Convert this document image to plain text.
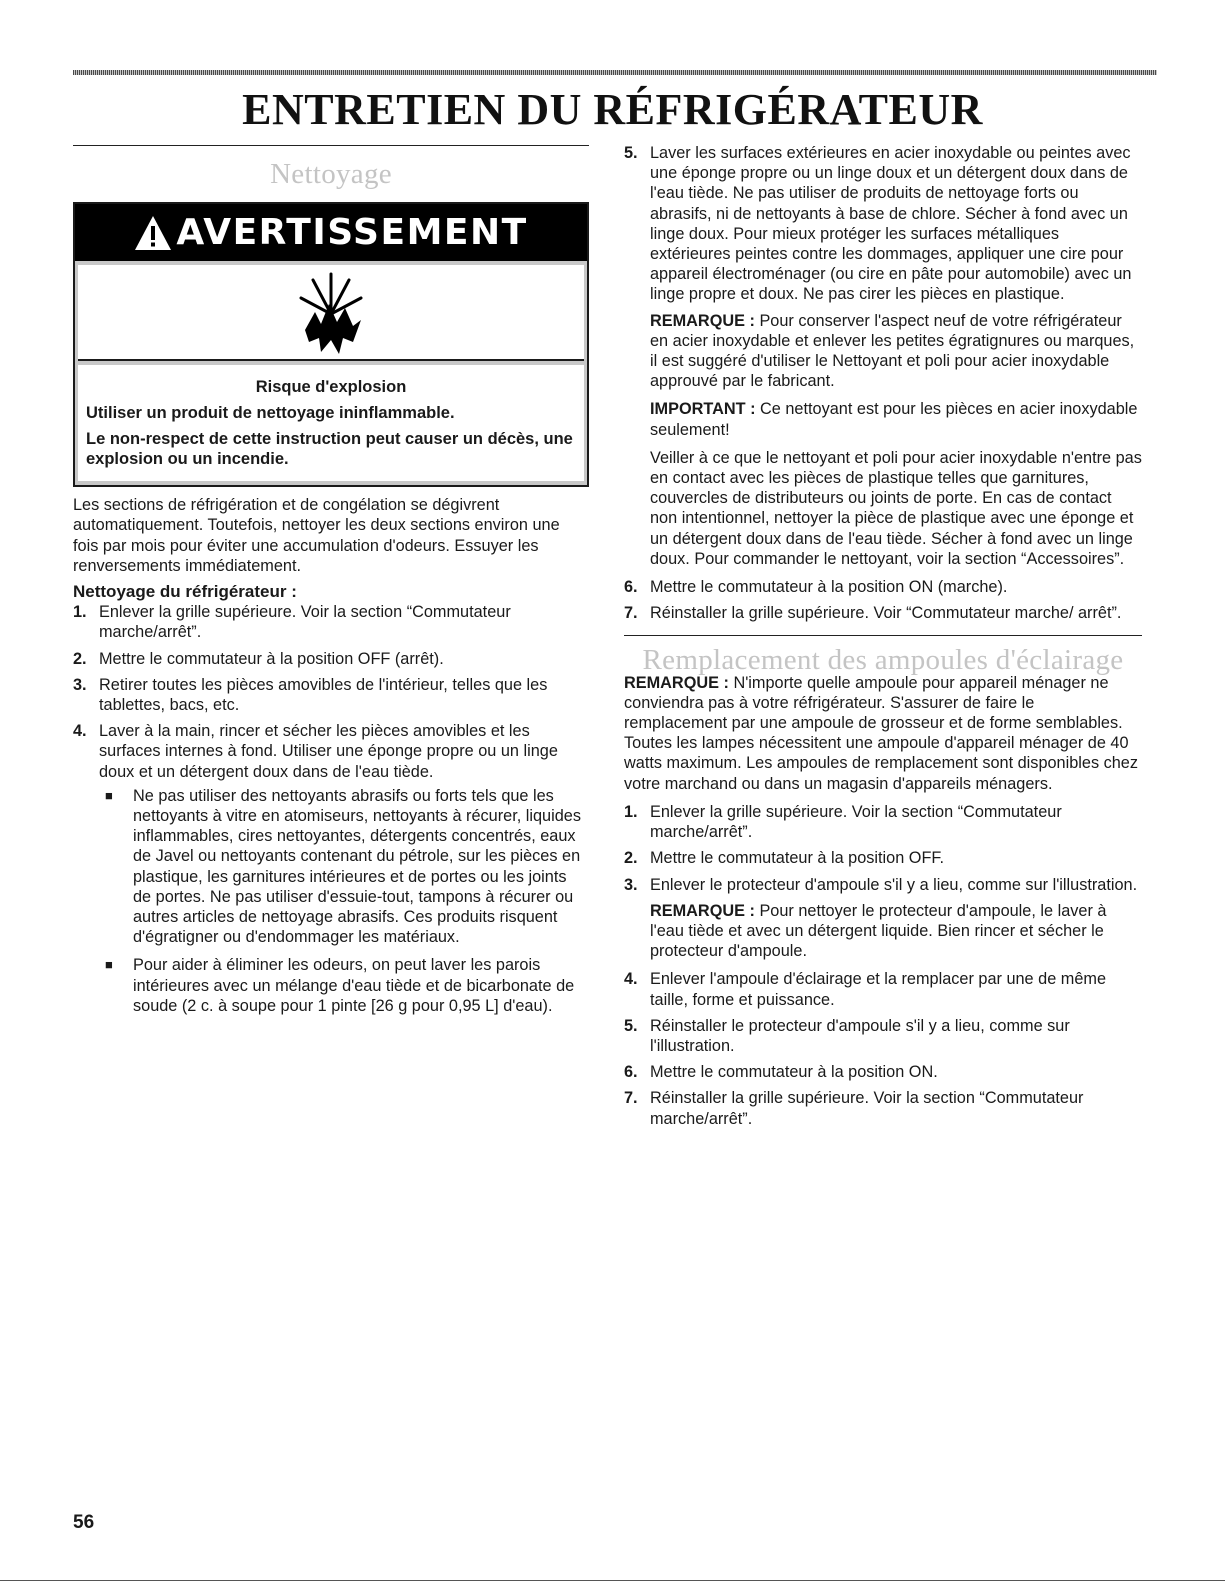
ENTRETIEN DU RÉFRIGÉRATEUR
Nettoyage
AVERTISSEMENT

Risque d'explosion

Utiliser un produit de nettoyage ininflammable.

Le non-respect de cette instruction peut causer un décès, une explosion ou un incendie.

Les sections de réfrigération et de congélation se dégivrent automatiquement. Toutefois, nettoyer les deux sections environ une fois par mois pour éviter une accumulation d'odeurs. Essuyer les renversements immédiatement.

Nettoyage du réfrigérateur :

1. Enlever la grille supérieure. Voir la section “Commutateur marche/arrêt”.
2. Mettre le commutateur à la position OFF (arrêt).
3. Retirer toutes les pièces amovibles de l'intérieur, telles que les tablettes, bacs, etc.
4. Laver à la main, rincer et sécher les pièces amovibles et les surfaces internes à fond. Utiliser une éponge propre ou un linge doux et un détergent doux dans de l'eau tiède.
■ Ne pas utiliser des nettoyants abrasifs ou forts tels que les nettoyants à vitre en atomiseurs, nettoyants à récurer, liquides inflammables, cires nettoyantes, détergents concentrés, eaux de Javel ou nettoyants contenant du pétrole, sur les pièces en plastique, les garnitures intérieures et de portes ou les joints de portes. Ne pas utiliser d'essuie-tout, tampons à récurer ou autres articles de nettoyage abrasifs. Ces produits risquent d'égratigner ou d'endommager les matériaux.
■ Pour aider à éliminer les odeurs, on peut laver les parois intérieures avec un mélange d'eau tiède et de bicarbonate de soude (2 c. à soupe pour 1 pinte [26 g pour 0,95 L] d'eau).
5. Laver les surfaces extérieures en acier inoxydable ou peintes avec une éponge propre ou un linge doux et un détergent doux dans de l'eau tiède. Ne pas utiliser de produits de nettoyage forts ou abrasifs, ni de nettoyants à base de chlore. Sécher à fond avec un linge doux. Pour mieux protéger les surfaces métalliques extérieures peintes contre les dommages, appliquer une cire pour appareil électroménager (ou cire en pâte pour automobile) avec un linge propre et doux. Ne pas cirer les pièces en plastique.

REMARQUE : Pour conserver l'aspect neuf de votre réfrigérateur en acier inoxydable et enlever les petites égratignures ou marques, il est suggéré d'utiliser le Nettoyant et poli pour acier inoxydable approuvé par le fabricant.

IMPORTANT : Ce nettoyant est pour les pièces en acier inoxydable seulement!

Veiller à ce que le nettoyant et poli pour acier inoxydable n'entre pas en contact avec les pièces de plastique telles que garnitures, couvercles de distributeurs ou joints de porte. En cas de contact non intentionnel, nettoyer la pièce de plastique avec une éponge et un détergent doux dans de l'eau tiède. Sécher à fond avec un linge doux. Pour commander le nettoyant, voir la section “Accessoires”.

6. Mettre le commutateur à la position ON (marche).
7. Réinstaller la grille supérieure. Voir “Commutateur marche/ arrêt”.
Remplacement des ampoules d'éclairage

REMARQUE : N'importe quelle ampoule pour appareil ménager ne conviendra pas à votre réfrigérateur. S'assurer de faire le remplacement par une ampoule de grosseur et de forme semblables. Toutes les lampes nécessitent une ampoule d'appareil ménager de 40 watts maximum. Les ampoules de remplacement sont disponibles chez votre marchand ou dans un magasin d'appareils ménagers.

1. Enlever la grille supérieure. Voir la section “Commutateur marche/arrêt”.
2. Mettre le commutateur à la position OFF.
3. Enlever le protecteur d'ampoule s'il y a lieu, comme sur l'illustration.

REMARQUE : Pour nettoyer le protecteur d'ampoule, le laver à l'eau tiède et avec un détergent liquide. Bien rincer et sécher le protecteur d'ampoule.

4. Enlever l'ampoule d'éclairage et la remplacer par une de même taille, forme et puissance.
5. Réinstaller le protecteur d'ampoule s'il y a lieu, comme sur l'illustration.
6. Mettre le commutateur à la position ON.
7. Réinstaller la grille supérieure. Voir la section “Commutateur marche/arrêt”.
56
